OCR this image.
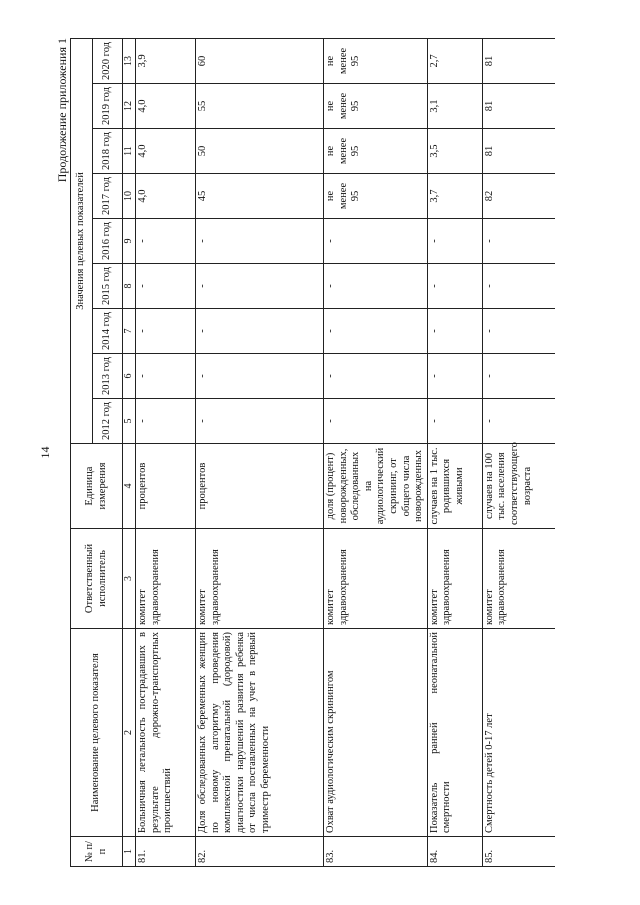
14
Продолжение приложения 1
№ п/п	Наименование целевого показателя	Ответственный исполнитель	Единица измерения	Значения целевых показателей								
				2012 год	2013 год	2014 год	2015 год	2016 год	2017 год	2018 год	2019 год	2020 год
1	2	3	4	5	6	7	8	9	10	11	12	13
81.	Больничная летальность пострадавших в результате дорожно-транспортных происшествий	комитет здравоохранения	процентов	-	-	-	-	-	4,0	4,0	4,0	3,9
82.	Доля обследованных беременных женщин по новому алгоритму проведения комплексной пренатальной (дородовой) диагностики нарушений развития ребенка от числа поставленных на учет в первый триместр беременности	комитет здравоохранения	процентов	-	-	-	-	-	45	50	55	60
83.	Охват аудиологическим скринингом	комитет здравоохранения	доля (процент) новорожденных, обследованных на аудиологический скрининг, от общего числа новорожденных	-	-	-	-	-	не менее 95	не менее 95	не менее 95	не менее 95
84.	Показатель ранней неонатальной смертности	комитет здравоохранения	случаев на 1 тыс. родившихся живыми	-	-	-	-	-	3,7	3,5	3,1	2,7
85.	Смертность детей 0-17 лет	комитет здравоохранения	случаев на 100 тыс. населения соответствующего возраста	-	-	-	-	-	82	81	81	81
